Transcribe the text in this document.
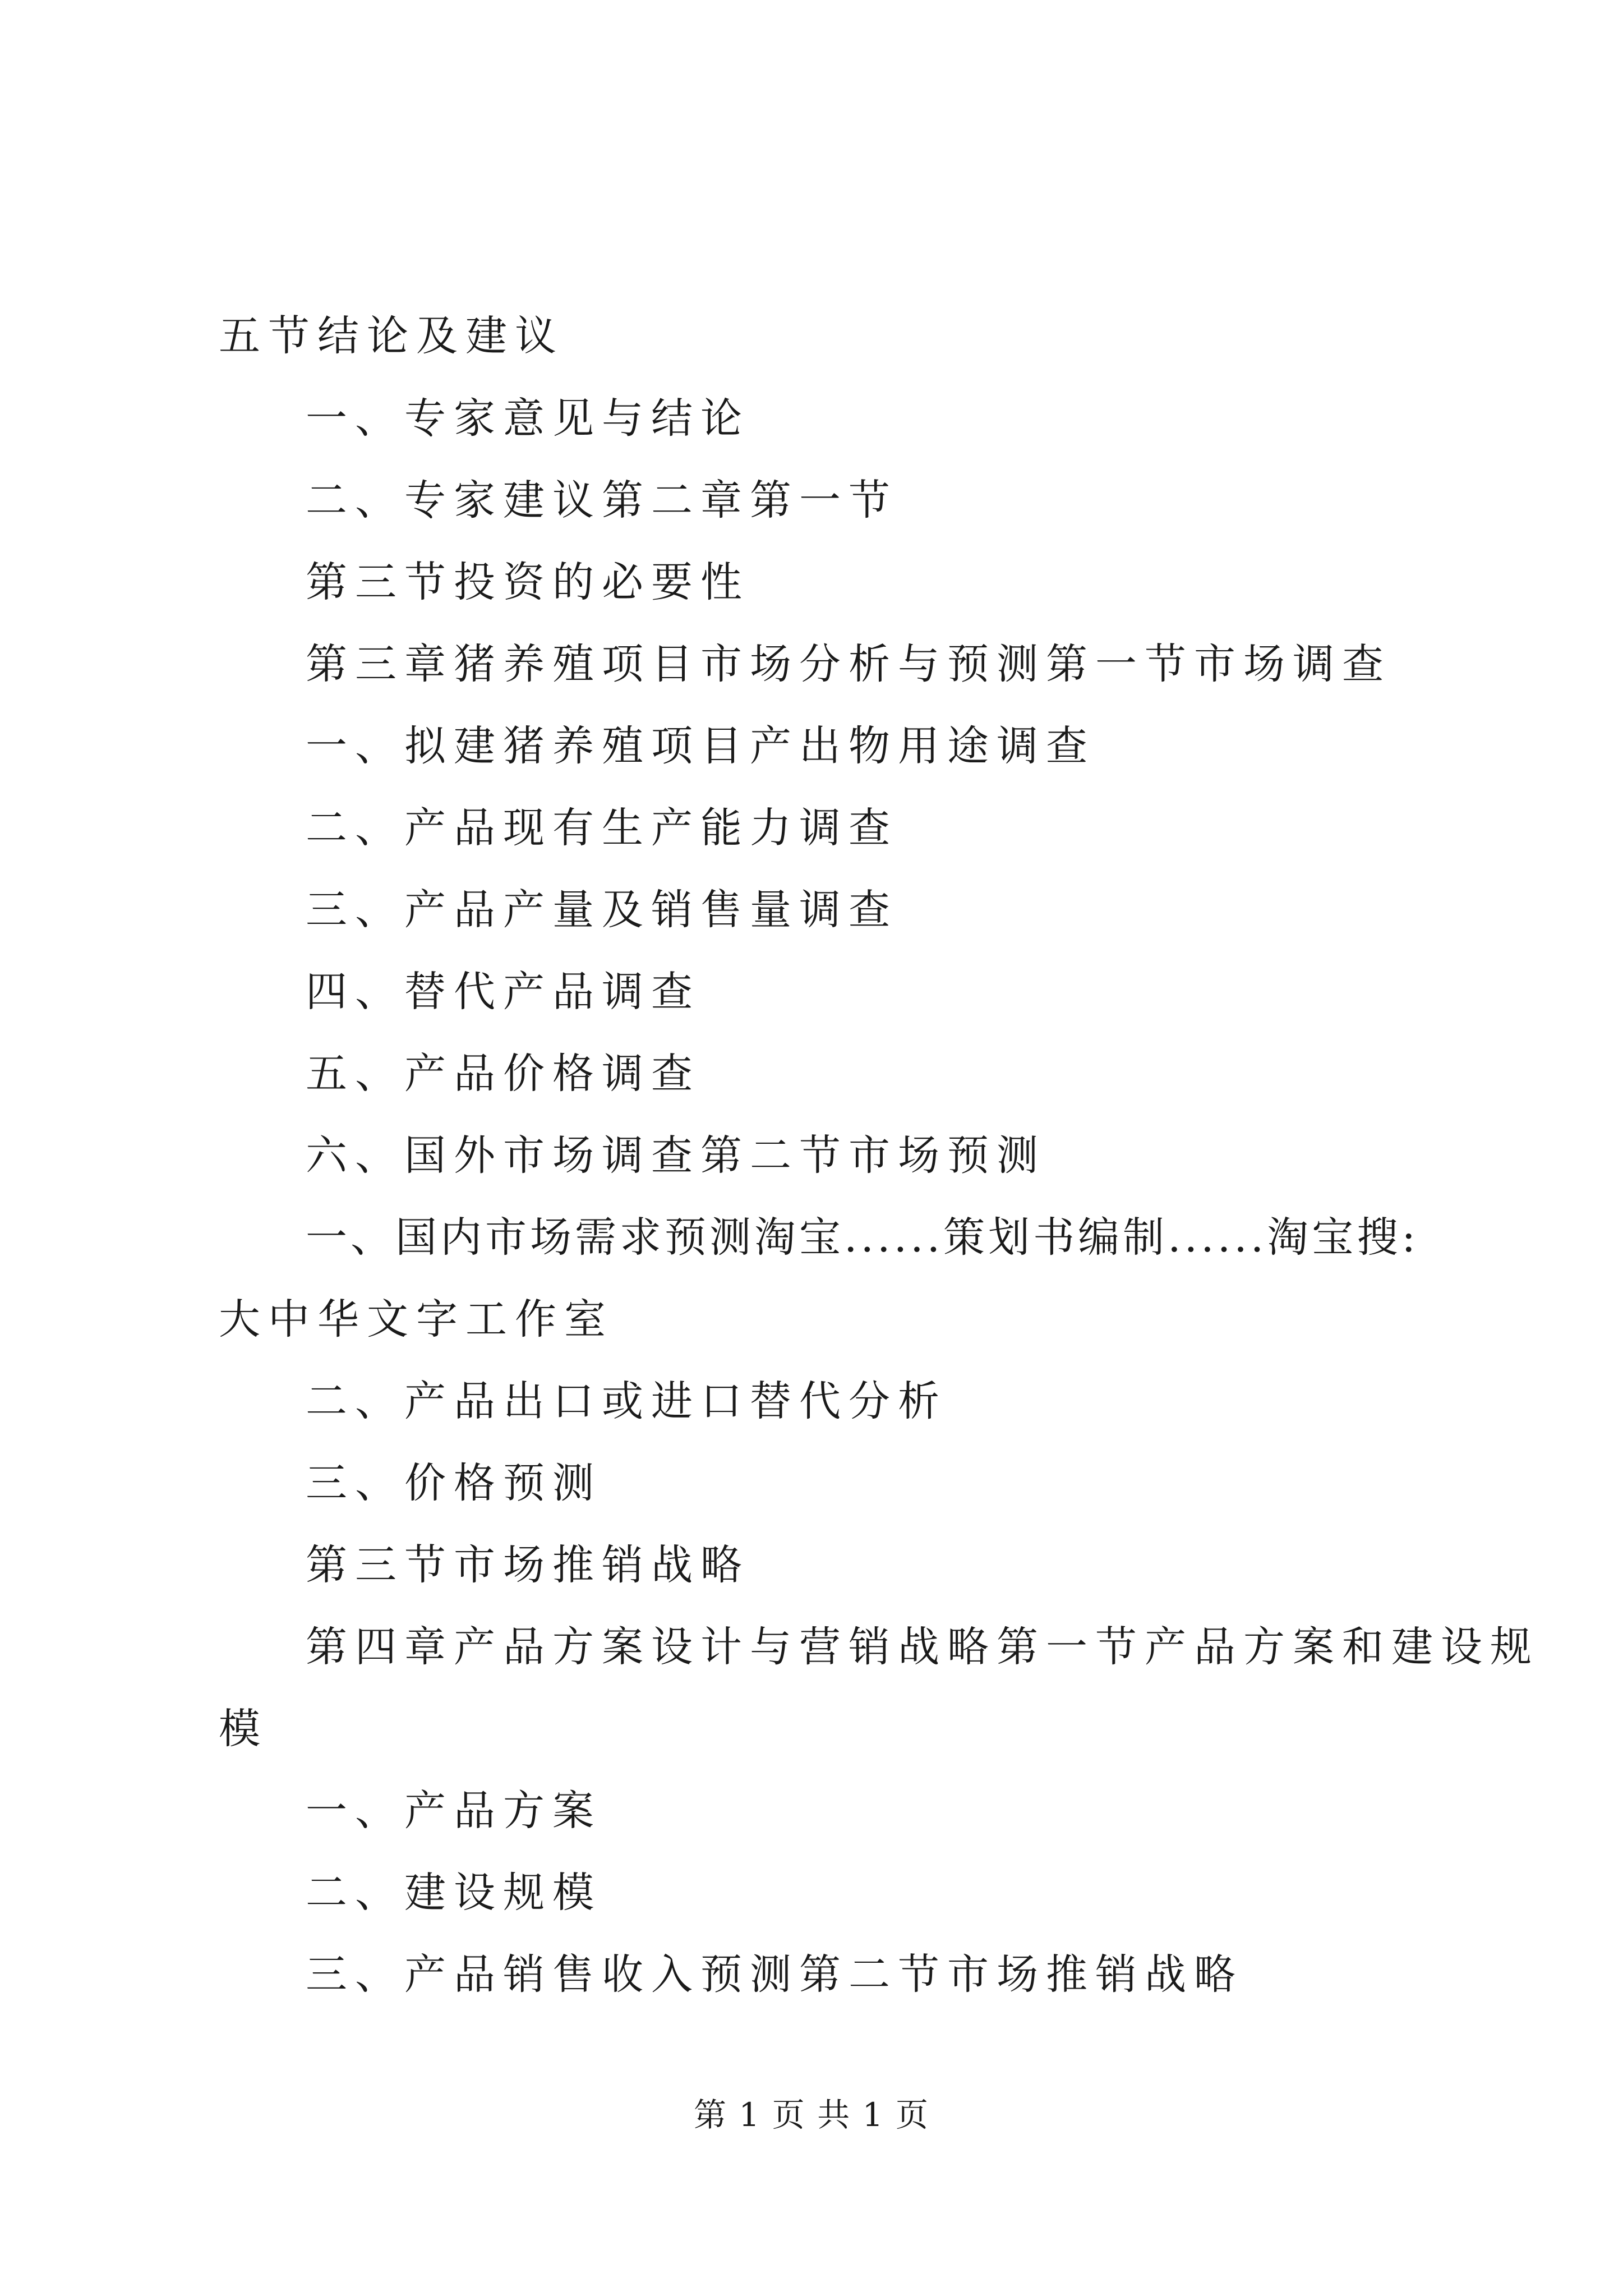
五节结论及建议
一、专家意见与结论
二、专家建议第二章第一节
第三节投资的必要性
第三章猪养殖项目市场分析与预测第一节市场调查
一、拟建猪养殖项目产出物用途调查
二、产品现有生产能力调查
三、产品产量及销售量调查
四、替代产品调查
五、产品价格调查
六、国外市场调查第二节市场预测
一、国内市场需求预测淘宝......策划书编制......淘宝搜:
大中华文字工作室
二、产品出口或进口替代分析
三、价格预测
第三节市场推销战略
第四章产品方案设计与营销战略第一节产品方案和建设规
模
一、产品方案
二、建设规模
三、产品销售收入预测第二节市场推销战略
第 1 页 共 1 页
